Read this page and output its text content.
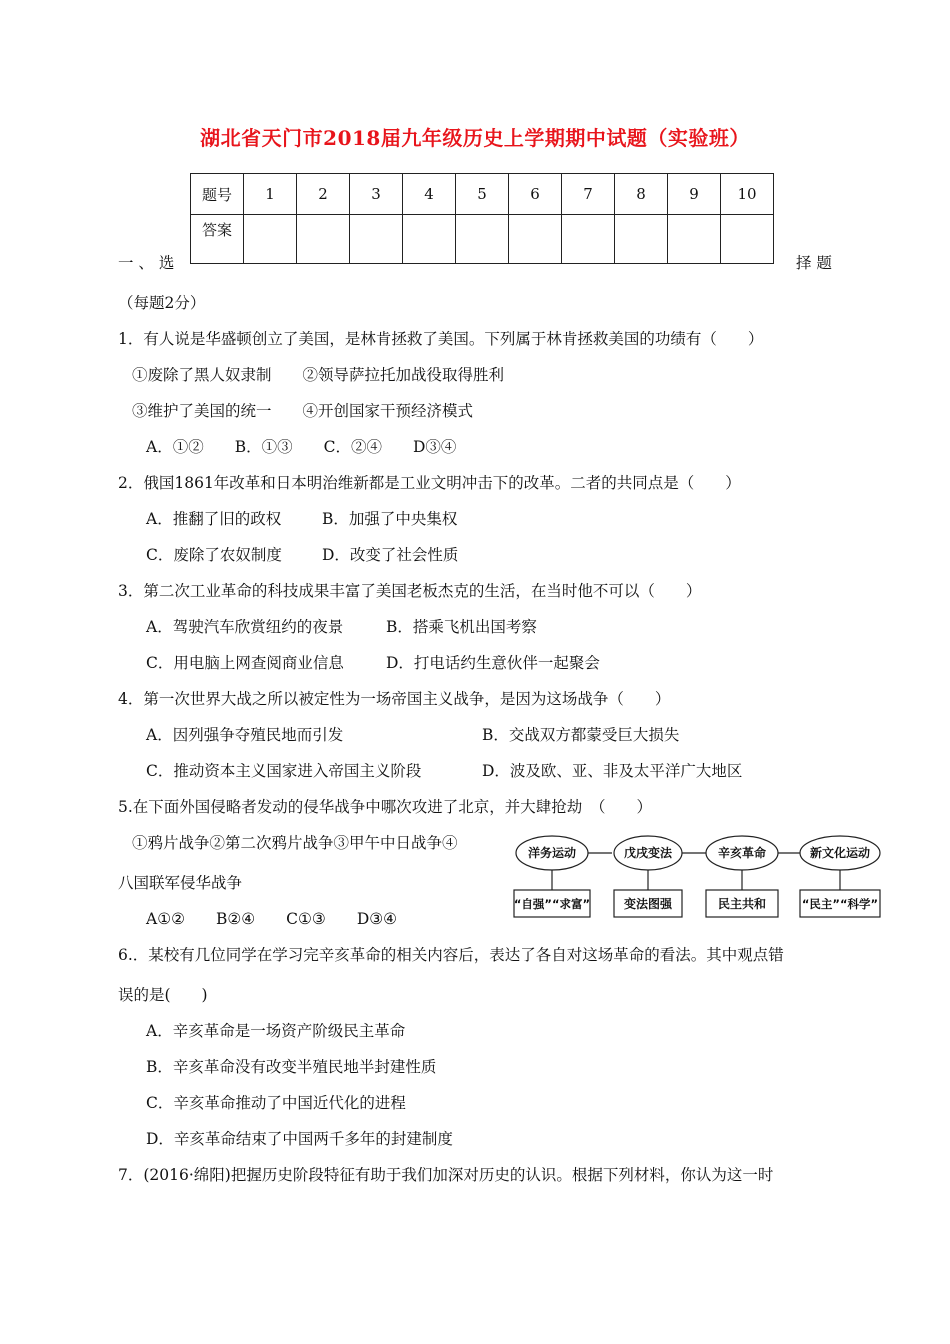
湖北省天门市2018届九年级历史上学期期中试题（实验班）
题号	1	2	3	4	5	6	7	8	9	10
答案										
一 、 选	择 题
（每题2分）
1．有人说是华盛顿创立了美国，是林肯拯救了美国。下列属于林肯拯救美国的功绩有（　　）
①废除了黑人奴隶制　　②领导萨拉托加战役取得胜利
③维护了美国的统一　　④开创国家干预经济模式
A．①②　　B．①③　　C．②④　　D③④
2．俄国1861年改革和日本明治维新都是工业文明冲击下的改革。二者的共同点是（　　）
A．推翻了旧的政权	B．加强了中央集权
C．废除了农奴制度	D．改变了社会性质
3．第二次工业革命的科技成果丰富了美国老板杰克的生活，在当时他不可以（　　）
A．驾驶汽车欣赏纽约的夜景	B．搭乘飞机出国考察
C．用电脑上网查阅商业信息	D．打电话约生意伙伴一起聚会
4．第一次世界大战之所以被定性为一场帝国主义战争，是因为这场战争（　　）
A．因列强争夺殖民地而引发	B．交战双方都蒙受巨大损失
C．推动资本主义国家进入帝国主义阶段	D．波及欧、亚、非及太平洋广大地区
5.在下面外国侵略者发动的侵华战争中哪次攻进了北京，并大肆抢劫　（　　）
①鸦片战争②第二次鸦片战争③甲午中日战争④
八国联军侵华战争
A①②　　B②④　　C①③　　D③④
洋务运动	戊戌变法	辛亥革命	新文化运动
“自强”“求富”	变法图强	民主共和	“民主”“科学”
6.．某校有几位同学在学习完辛亥革命的相关内容后，表达了各自对这场革命的看法。其中观点错
误的是(　　)
A．辛亥革命是一场资产阶级民主革命
B．辛亥革命没有改变半殖民地半封建性质
C．辛亥革命推动了中国近代化的进程
D．辛亥革命结束了中国两千多年的封建制度
7．(2016·绵阳)把握历史阶段特征有助于我们加深对历史的认识。根据下列材料，你认为这一时
